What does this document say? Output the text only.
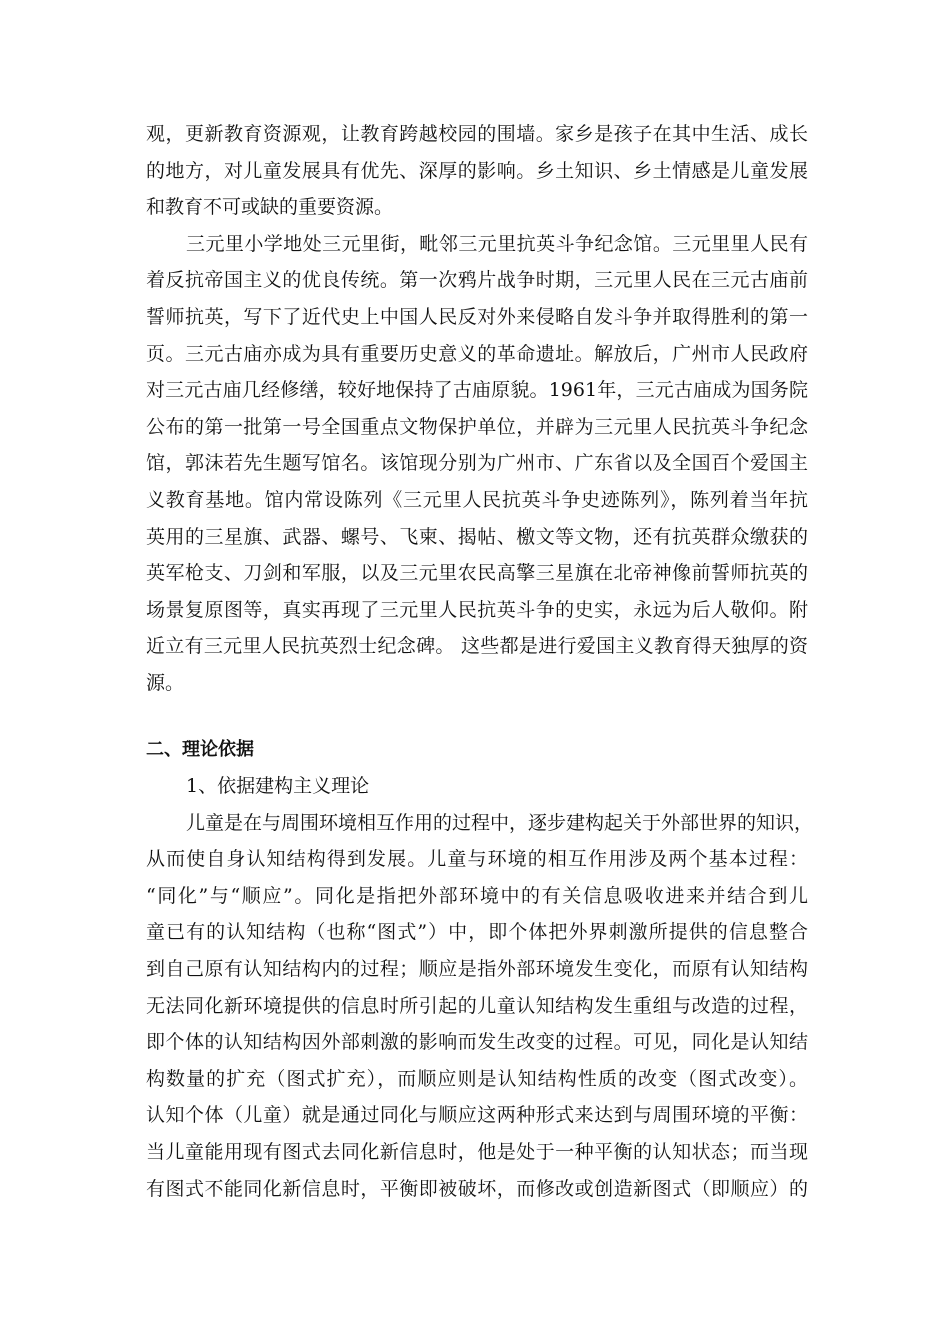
观，更新教育资源观，让教育跨越校园的围墙。家乡是孩子在其中生活、成长
的地方，对儿童发展具有优先、深厚的影响。乡土知识、乡土情感是儿童发展
和教育不可或缺的重要资源。
三元里小学地处三元里街，毗邻三元里抗英斗争纪念馆。三元里里人民有
着反抗帝国主义的优良传统。第一次鸦片战争时期，三元里人民在三元古庙前
誓师抗英，写下了近代史上中国人民反对外来侵略自发斗争并取得胜利的第一
页。三元古庙亦成为具有重要历史意义的革命遗址。解放后，广州市人民政府
对三元古庙几经修缮，较好地保持了古庙原貌。1961年，三元古庙成为国务院
公布的第一批第一号全国重点文物保护单位，并辟为三元里人民抗英斗争纪念
馆，郭沫若先生题写馆名。该馆现分别为广州市、广东省以及全国百个爱国主
义教育基地。馆内常设陈列《三元里人民抗英斗争史迹陈列》，陈列着当年抗
英用的三星旗、武器、螺号、飞柬、揭帖、檄文等文物，还有抗英群众缴获的
英军枪支、刀剑和军服，以及三元里农民高擎三星旗在北帝神像前誓师抗英的
场景复原图等，真实再现了三元里人民抗英斗争的史实，永远为后人敬仰。附
近立有三元里人民抗英烈士纪念碑。 这些都是进行爱国主义教育得天独厚的资
源。
二、理论依据
1、依据建构主义理论
儿童是在与周围环境相互作用的过程中，逐步建构起关于外部世界的知识，
从而使自身认知结构得到发展。儿童与环境的相互作用涉及两个基本过程：
“同化”与“顺应”。同化是指把外部环境中的有关信息吸收进来并结合到儿
童已有的认知结构（也称“图式”）中，即个体把外界刺激所提供的信息整合
到自己原有认知结构内的过程；顺应是指外部环境发生变化，而原有认知结构
无法同化新环境提供的信息时所引起的儿童认知结构发生重组与改造的过程，
即个体的认知结构因外部刺激的影响而发生改变的过程。可见，同化是认知结
构数量的扩充（图式扩充），而顺应则是认知结构性质的改变（图式改变）。
认知个体（儿童）就是通过同化与顺应这两种形式来达到与周围环境的平衡：
当儿童能用现有图式去同化新信息时，他是处于一种平衡的认知状态；而当现
有图式不能同化新信息时，平衡即被破坏，而修改或创造新图式（即顺应）的
